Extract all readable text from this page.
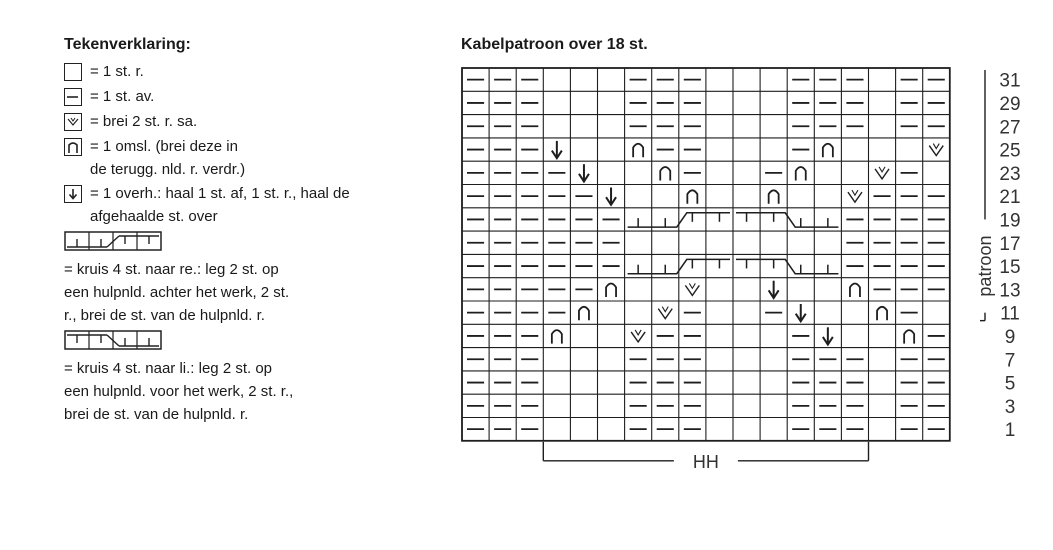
Tekenverklaring:
= 1 st. r.
= 1 st. av.
= brei 2 st. r. sa.
= 1 omsl. (brei deze in
de terugg. nld. r. verdr.)
= 1 overh.: haal 1 st. af, 1 st. r., haal de
afgehaalde st. over
= kruis 4 st. naar re.: leg 2 st. op
een hulpnld. achter het werk, 2 st.
r., brei de st. van de hulpnld. r.
= kruis 4 st. naar li.: leg 2 st. op
een hulpnld. voor het werk, 2 st. r.,
brei de st. van de hulpnld. r.
Kabelpatroon over 18 st.
patroon
HH
31
29
27
25
23
21
19
17
15
13
11
9
7
5
3
1
